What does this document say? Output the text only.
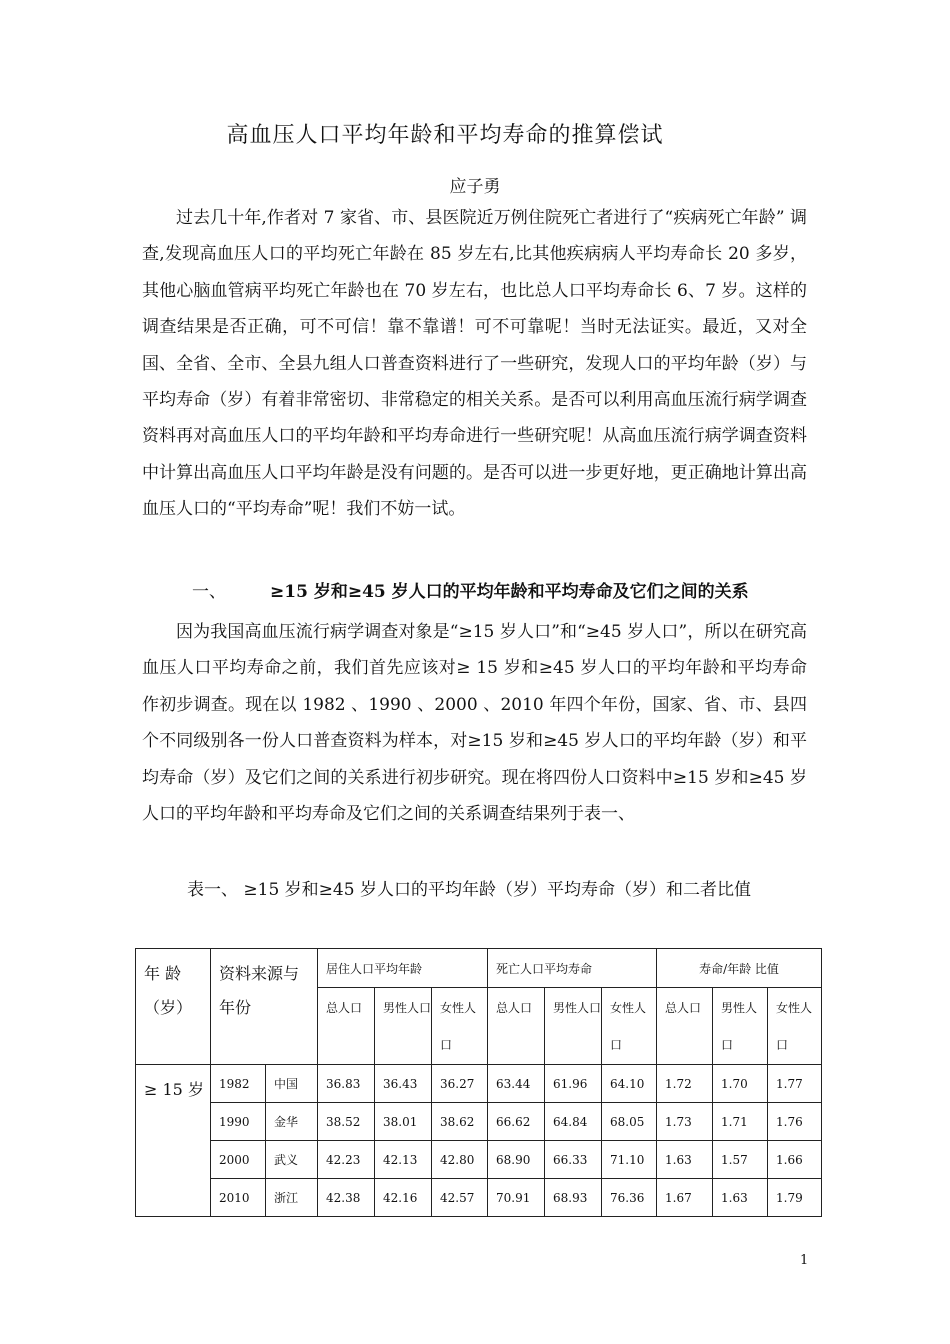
高血压人口平均年龄和平均寿命的推算偿试
应子勇

过去几十年,作者对 7 家省、市、县医院近万例住院死亡者进行了“疾病死亡年龄” 调查,发现高血压人口的平均死亡年龄在 85 岁左右,比其他疾病病人平均寿命长 20 多岁，其他心脑血管病平均死亡年龄也在 70 岁左右，也比总人口平均寿命长 6、7 岁。这样的调查结果是否正确，可不可信！靠不靠谱！可不可靠呢！当时无法证实。最近，又对全国、全省、全市、全县九组人口普查资料进行了一些研究，发现人口的平均年龄（岁）与平均寿命（岁）有着非常密切、非常稳定的相关关系。是否可以利用高血压流行病学调查资料再对高血压人口的平均年龄和平均寿命进行一些研究呢！从高血压流行病学调查资料中计算出高血压人口平均年龄是没有问题的。是否可以进一步更好地，更正确地计算出高血压人口的“平均寿命”呢！我们不妨一试。

一、	≥15 岁和≥45 岁人口的平均年龄和平均寿命及它们之间的关系

因为我国高血压流行病学调查对象是“≥15 岁人口”和“≥45 岁人口”，所以在研究高血压人口平均寿命之前，我们首先应该对≥ 15 岁和≥45 岁人口的平均年龄和平均寿命作初步调查。现在以 1982 、1990 、2000 、2010 年四个年份，国家、省、市、县四个不同级别各一份人口普查资料为样本，对≥15 岁和≥45 岁人口的平均年龄（岁）和平均寿命（岁）及它们之间的关系进行初步研究。现在将四份人口资料中≥15 岁和≥45 岁人口的平均年龄和平均寿命及它们之间的关系调查结果列于表一、

表一、 ≥15 岁和≥45 岁人口的平均年龄（岁）平均寿命（岁）和二者比值

年 龄（岁）	资料来源与年份		居住人口平均年龄			死亡人口平均寿命			寿命/年龄 比值		
			总人口	男性人口	女性人口	总人口	男性人口	女性人口	总人口	男性人口	女性人口

≥ 15 岁	1982	中国	36.83	36.43	36.27	63.44	61.96	64.10	1.72	1.70	1.77
	1990	金华	38.52	38.01	38.62	66.62	64.84	68.05	1.73	1.71	1.76
	2000	武义	42.23	42.13	42.80	68.90	66.33	71.10	1.63	1.57	1.66
	2010	浙江	42.38	42.16	42.57	70.91	68.93	76.36	1.67	1.63	1.79
1
